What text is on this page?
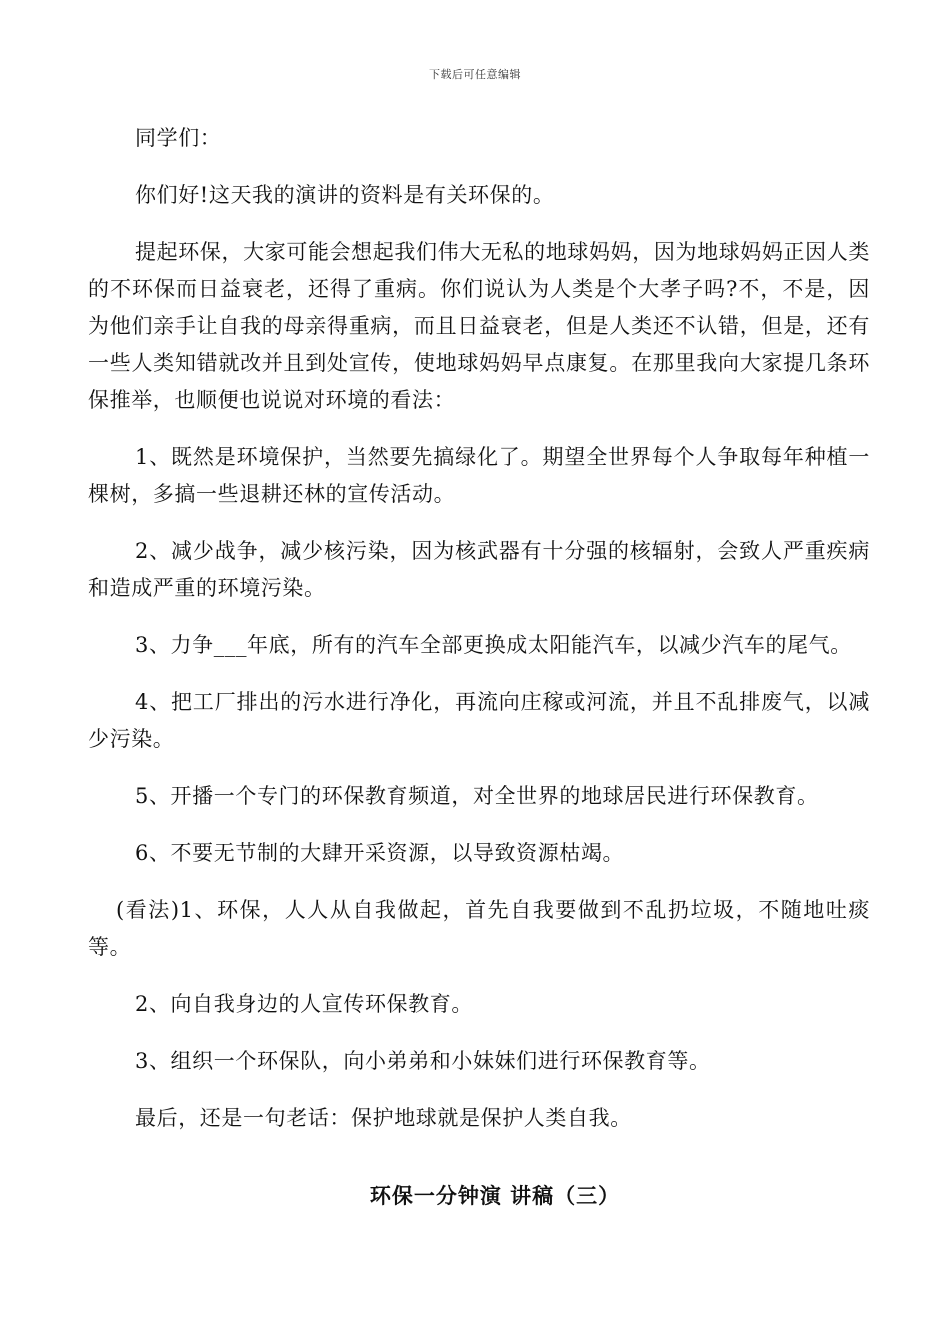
下载后可任意编辑

同学们：

你们好!这天我的演讲的资料是有关环保的。

提起环保，大家可能会想起我们伟大无私的地球妈妈，因为地球妈妈正因人类的不环保而日益衰老，还得了重病。你们说认为人类是个大孝子吗?不，不是，因为他们亲手让自我的母亲得重病，而且日益衰老，但是人类还不认错，但是，还有一些人类知错就改并且到处宣传，使地球妈妈早点康复。在那里我向大家提几条环保推举，也顺便也说说对环境的看法：

1、既然是环境保护，当然要先搞绿化了。期望全世界每个人争取每年种植一棵树，多搞一些退耕还林的宣传活动。

2、减少战争，减少核污染，因为核武器有十分强的核辐射，会致人严重疾病和造成严重的环境污染。

3、力争___年底，所有的汽车全部更换成太阳能汽车，以减少汽车的尾气。

4、把工厂排出的污水进行净化，再流向庄稼或河流，并且不乱排废气，以减少污染。

5、开播一个专门的环保教育频道，对全世界的地球居民进行环保教育。

6、不要无节制的大肆开采资源，以导致资源枯竭。

(看法)1、环保，人人从自我做起，首先自我要做到不乱扔垃圾，不随地吐痰等。

2、向自我身边的人宣传环保教育。

3、组织一个环保队，向小弟弟和小妹妹们进行环保教育等。

最后，还是一句老话：保护地球就是保护人类自我。

环保一分钟演 讲稿（三）
